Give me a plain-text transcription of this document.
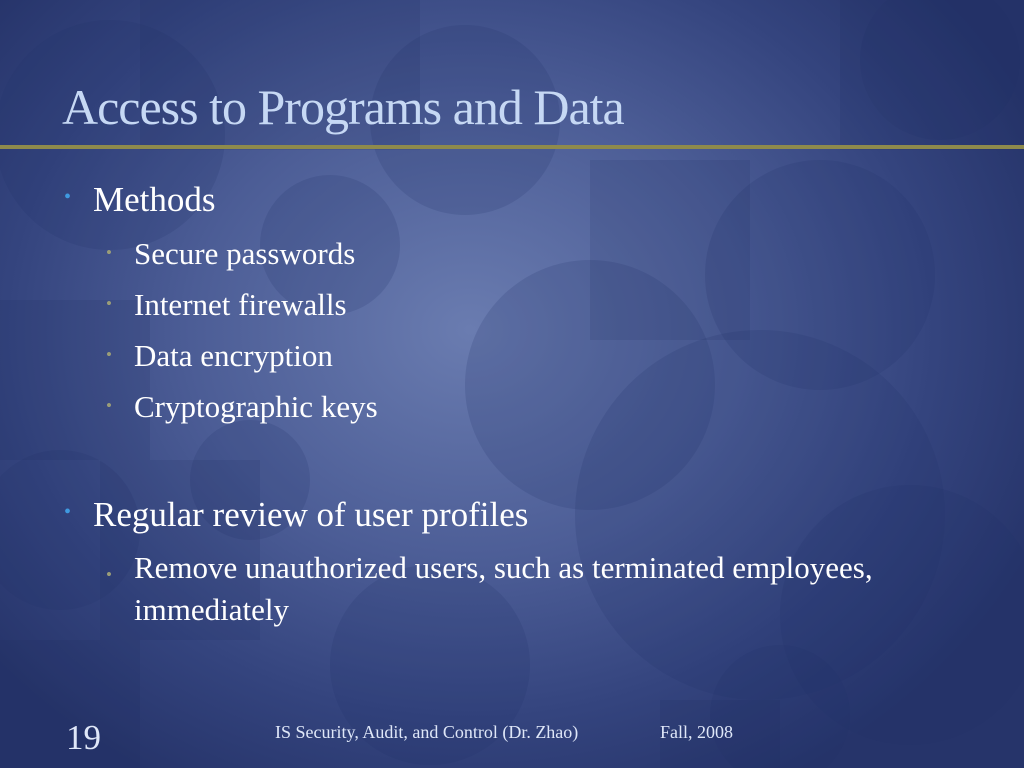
Access to Programs and Data
• Methods
• Secure passwords
• Internet firewalls
• Data encryption
• Cryptographic keys
• Regular review of user profiles
• Remove unauthorized users, such as terminated employees, immediately
19	IS Security, Audit, and Control (Dr. Zhao)	Fall, 2008
